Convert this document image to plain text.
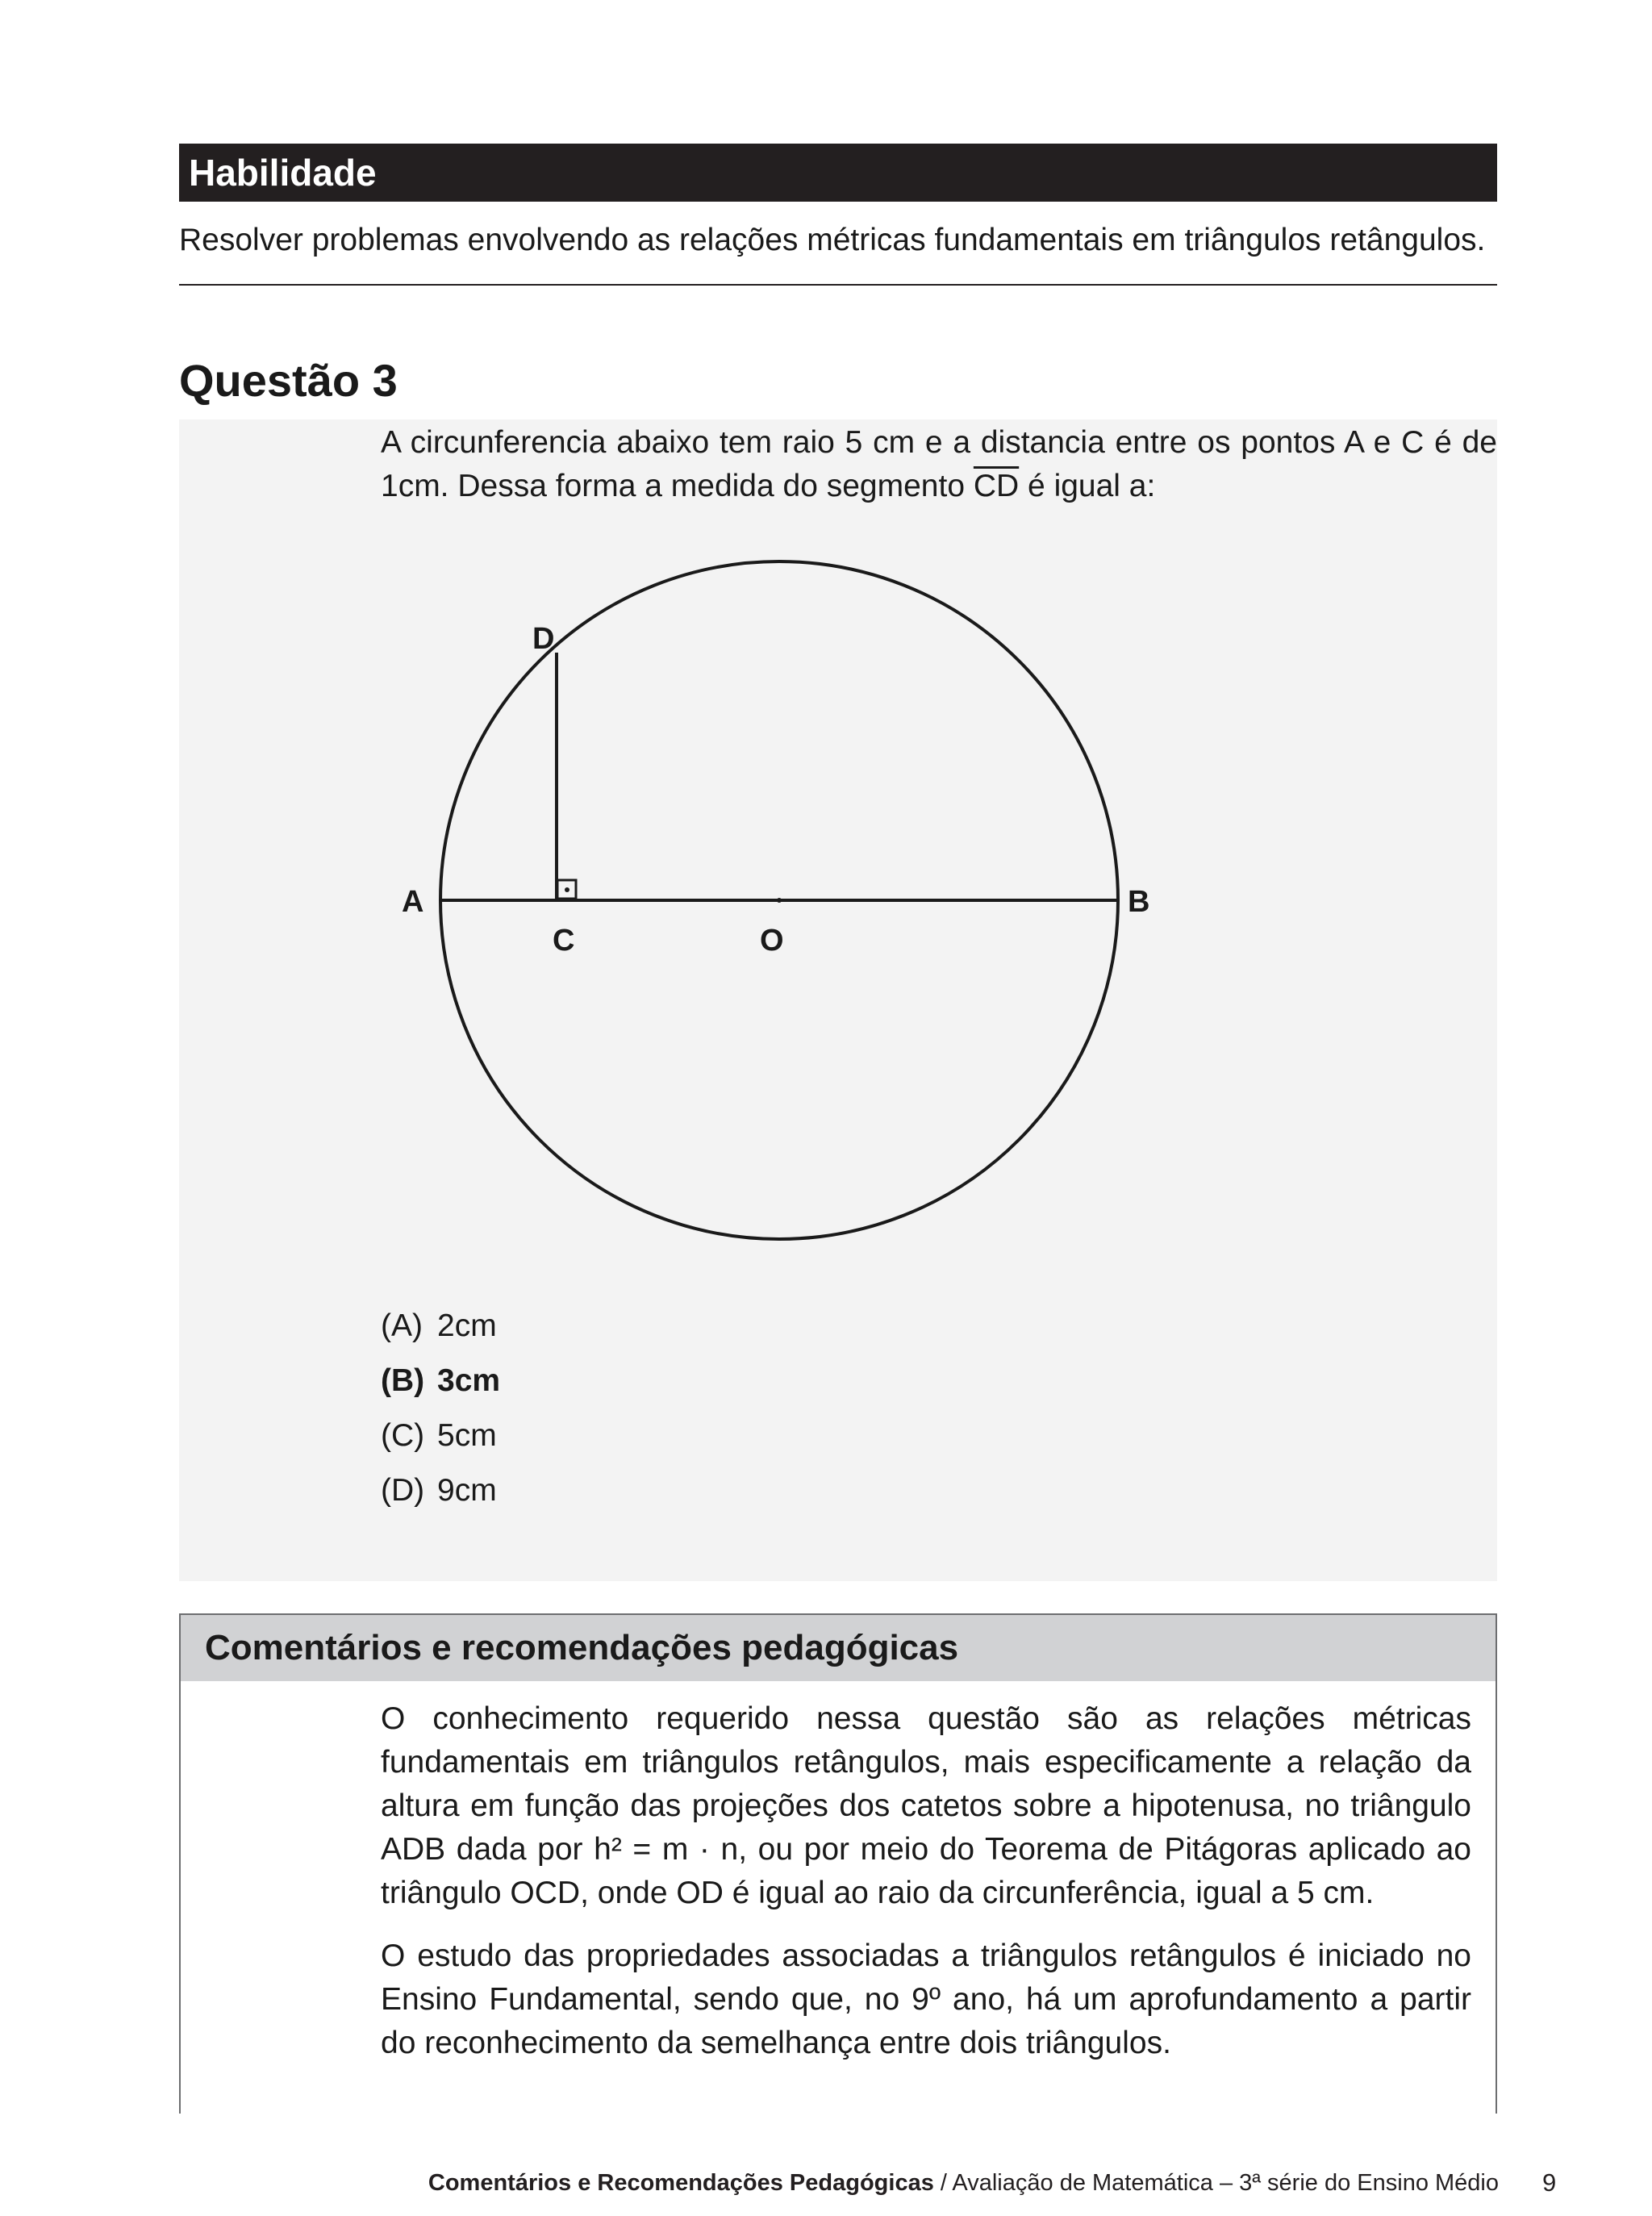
Habilidade
Resolver problemas envolvendo as relações métricas fundamentais em triângulos retângulos.
Questão 3
A circunferencia abaixo tem raio 5 cm e a distancia entre os pontos A e C é de 1cm. Dessa forma a medida do segmento $\overline{CD}$ é igual a:
A	B
C
D
O
(A) 2cm
(B) 3cm
(C) 5cm
(D) 9cm
Comentários e recomendações pedagógicas

O conhecimento requerido nessa questão são as relações métricas fundamentais em triângulos retângulos, mais especificamente a relação da altura em função das projeções dos catetos sobre a hipotenusa, no triângulo ADB dada por h² = m · n, ou por meio do Teorema de Pitágoras aplicado ao triângulo OCD, onde OD é igual ao raio da circunferência, igual a 5 cm.

O estudo das propriedades associadas a triângulos retângulos é iniciado no Ensino Fundamental, sendo que, no 9º ano, há um aprofundamento a partir do reconhecimento da semelhança entre dois triângulos.

Comentários e Recomendações Pedagógicas / Avaliação de Matemática – 3ª série do Ensino Médio 9
